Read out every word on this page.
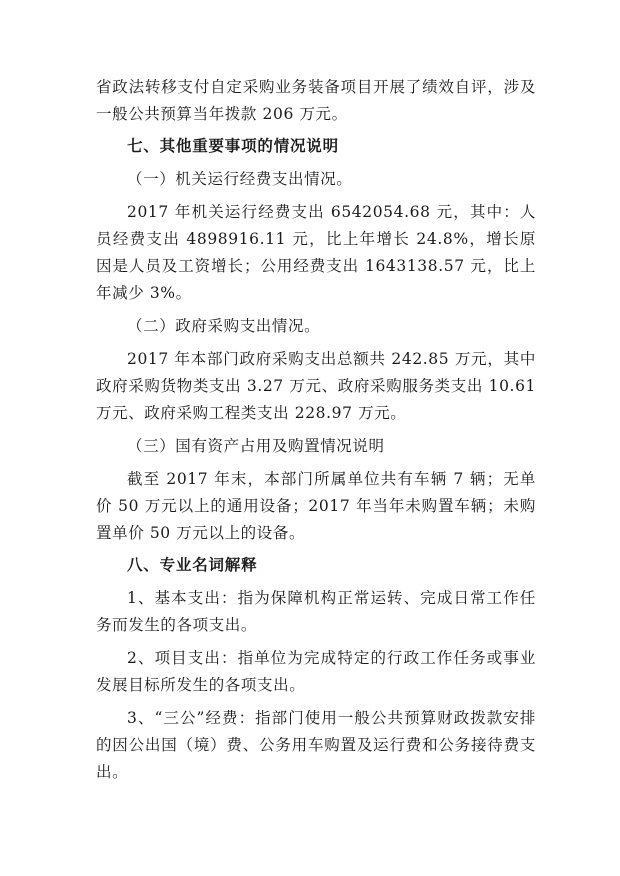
省政法转移支付自定采购业务装备项目开展了绩效自评，涉及一般公共预算当年拨款 206 万元。

七、其他重要事项的情况说明

（一）机关运行经费支出情况。

2017 年机关运行经费支出 6542054.68 元，其中：人员经费支出 4898916.11 元，比上年增长 24.8%，增长原因是人员及工资增长；公用经费支出 1643138.57 元，比上年减少 3%。

（二）政府采购支出情况。

2017 年本部门政府采购支出总额共 242.85 万元，其中政府采购货物类支出 3.27 万元、政府采购服务类支出 10.61 万元、政府采购工程类支出 228.97 万元。

（三）国有资产占用及购置情况说明

截至 2017 年末，本部门所属单位共有车辆 7 辆；无单价 50 万元以上的通用设备；2017 年当年未购置车辆；未购置单价 50 万元以上的设备。

八、专业名词解释

1、基本支出：指为保障机构正常运转、完成日常工作任务而发生的各项支出。

2、项目支出：指单位为完成特定的行政工作任务或事业发展目标所发生的各项支出。

3、“三公”经费：指部门使用一般公共预算财政拨款安排的因公出国（境）费、公务用车购置及运行费和公务接待费支出。
